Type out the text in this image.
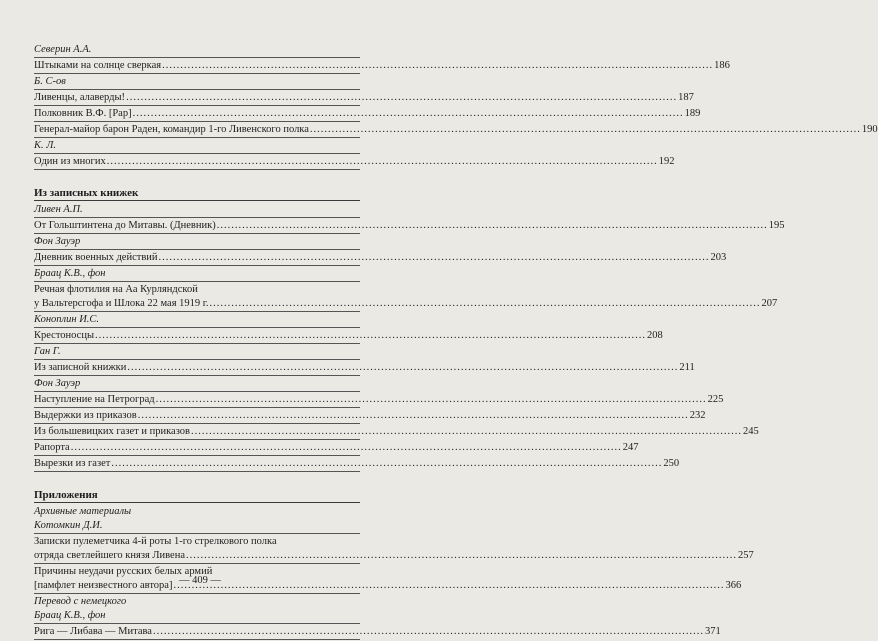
Северин А.А.
Штыками на солнце сверкая .....	186
Б. С-ов
Ливенцы, алаверды! .....	187
Полковник В.Ф. [Рар] .....	189
Генерал-майор барон Раден, командир 1-го Ливенского полка .....	190
К. Л.
Один из многих .....	192
Из записных книжек
Ливен А.П.
От Гольштинтена до Митавы. (Дневник) .....	195
Фон Зауэр
Дневник военных действий .....	203
Браац К.В., фон
Речная флотилия на Аа Курляндской
у Вальтерсгофа и Шлока 22 мая 1919 г. .....	207
Коноплин И.С.
Крестоносцы .....	208
Ган Г.
Из записной книжки .....	211
Фон Зауэр
Наступление на Петроград .....	225
Выдержки из приказов .....	232
Из большевицких газет и приказов .....	245
Рапорта .....	247
Вырезки из газет .....	250
Приложения
Архивные материалы
Котомкин Д.И.
Записки пулеметчика 4-й роты 1-го стрелкового полка
отряда светлейшего князя Ливена .....	257
Причины неудачи русских белых армий
[памфлет неизвестного автора] .....	366
Перевод с немецкого
Браац К.В., фон
Рига — Либава — Митава .....	371
— 409 —
